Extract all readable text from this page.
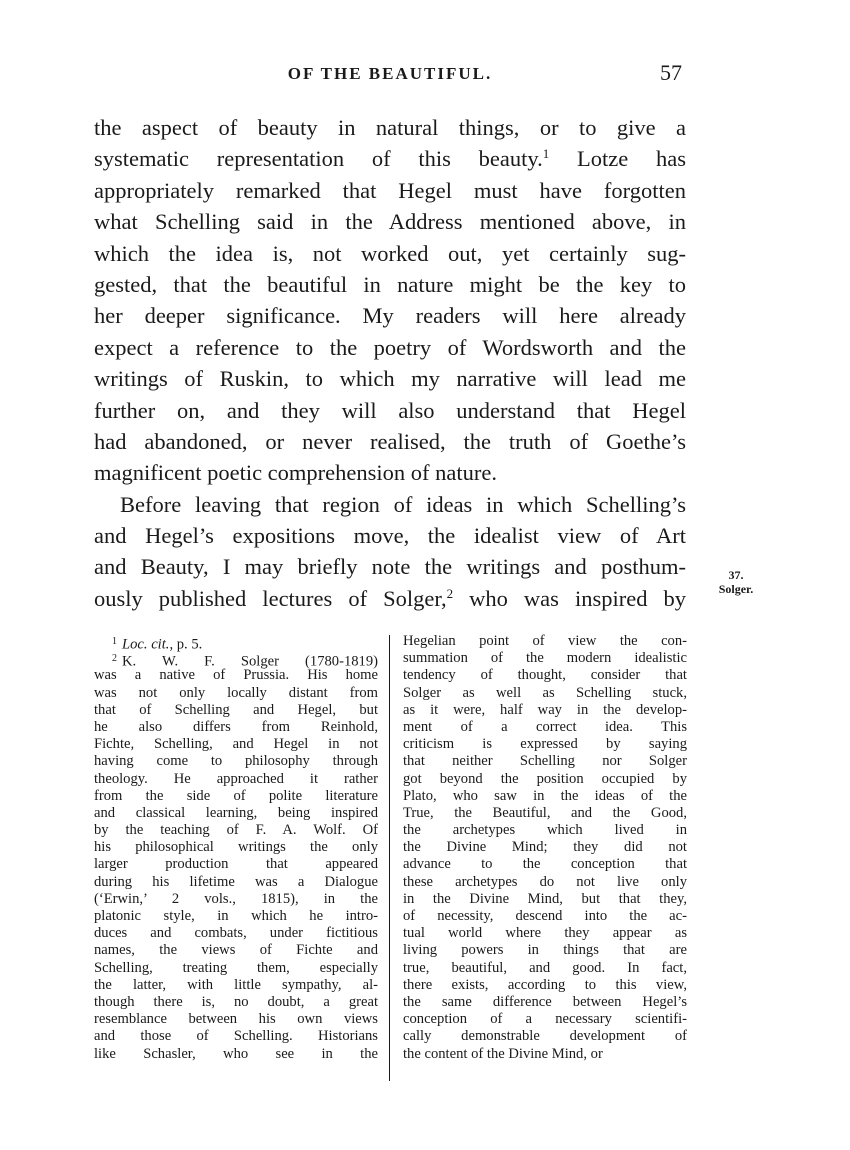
OF THE BEAUTIFUL.	57
the aspect of beauty in natural things, or to give a
systematic representation of this beauty.$^1$ Lotze has
appropriately remarked that Hegel must have forgotten
what Schelling said in the Address mentioned above, in
which the idea is, not worked out, yet certainly sug-
gested, that the beautiful in nature might be the key to
her deeper significance. My readers will here already
expect a reference to the poetry of Wordsworth and the
writings of Ruskin, to which my narrative will lead me
further on, and they will also understand that Hegel
had abandoned, or never realised, the truth of Goethe’s
magnificent poetic comprehension of nature.
Before leaving that region of ideas in which Schelling’s
and Hegel’s expositions move, the idealist view of Art
and Beauty, I may briefly note the writings and posthum-
ously published lectures of Solger,$^2$ who was inspired by
37.
Solger.
$^1$ Loc. cit., p. 5.
$^2$ K. W. F. Solger (1780-1819)
was a native of Prussia. His home
was not only locally distant from
that of Schelling and Hegel, but
he also differs from Reinhold,
Fichte, Schelling, and Hegel in not
having come to philosophy through
theology. He approached it rather
from the side of polite literature
and classical learning, being inspired
by the teaching of F. A. Wolf. Of
his philosophical writings the only
larger production that appeared
during his lifetime was a Dialogue
(‘Erwin,’ 2 vols., 1815), in the
platonic style, in which he intro-
duces and combats, under fictitious
names, the views of Fichte and
Schelling, treating them, especially
the latter, with little sympathy, al-
though there is, no doubt, a great
resemblance between his own views
and those of Schelling. Historians
like Schasler, who see in the
Hegelian point of view the con-
summation of the modern idealistic
tendency of thought, consider that
Solger as well as Schelling stuck,
as it were, half way in the develop-
ment of a correct idea. This
criticism is expressed by saying
that neither Schelling nor Solger
got beyond the position occupied by
Plato, who saw in the ideas of the
True, the Beautiful, and the Good,
the archetypes which lived in
the Divine Mind; they did not
advance to the conception that
these archetypes do not live only
in the Divine Mind, but that they,
of necessity, descend into the ac-
tual world where they appear as
living powers in things that are
true, beautiful, and good. In fact,
there exists, according to this view,
the same difference between Hegel’s
conception of a necessary scientifi-
cally demonstrable development of
the content of the Divine Mind, or
